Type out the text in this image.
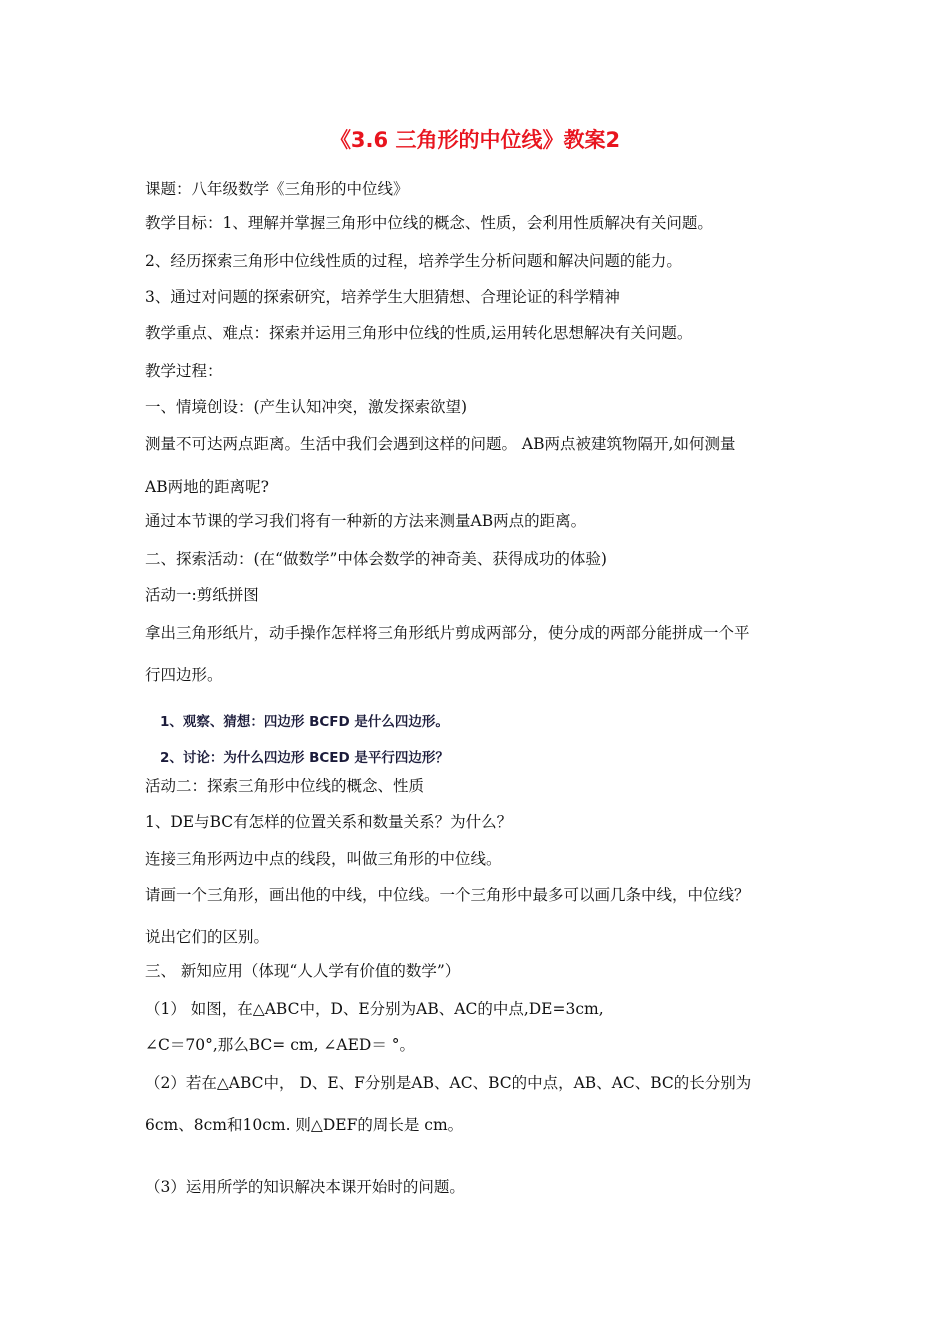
《3.6 三角形的中位线》教案2
课题：八年级数学《三角形的中位线》
教学目标：1、理解并掌握三角形中位线的概念、性质，会利用性质解决有关问题。
2、经历探索三角形中位线性质的过程，培养学生分析问题和解决问题的能力。
3、通过对问题的探索研究，培养学生大胆猜想、合理论证的科学精神
教学重点、难点：探索并运用三角形中位线的性质,运用转化思想解决有关问题。
教学过程：
一、情境创设：(产生认知冲突，激发探索欲望)
测量不可达两点距离。生活中我们会遇到这样的问题。 AB两点被建筑物隔开,如何测量
AB两地的距离呢?
通过本节课的学习我们将有一种新的方法来测量AB两点的距离。
二、探索活动：(在“做数学”中体会数学的神奇美、获得成功的体验)
活动一:剪纸拼图
拿出三角形纸片，动手操作怎样将三角形纸片剪成两部分，使分成的两部分能拼成一个平
行四边形。
1、观察、猜想：四边形 BCFD 是什么四边形。
2、讨论：为什么四边形 BCED 是平行四边形？
活动二：探索三角形中位线的概念、性质
1、DE与BC有怎样的位置关系和数量关系？为什么？
连接三角形两边中点的线段，叫做三角形的中位线。
请画一个三角形，画出他的中线，中位线。一个三角形中最多可以画几条中线，中位线？
说出它们的区别。
三、 新知应用（体现“人人学有价值的数学”）
（1） 如图，在△ABC中，D、E分别为AB、AC的中点,DE=3cm,
∠C＝70°,那么BC= cm, ∠AED＝ °。
（2）若在△ABC中， D、E、F分别是AB、AC、BC的中点，AB、AC、BC的长分别为
6cm、8cm和10cm. 则△DEF的周长是 cm。
（3）运用所学的知识解决本课开始时的问题。
